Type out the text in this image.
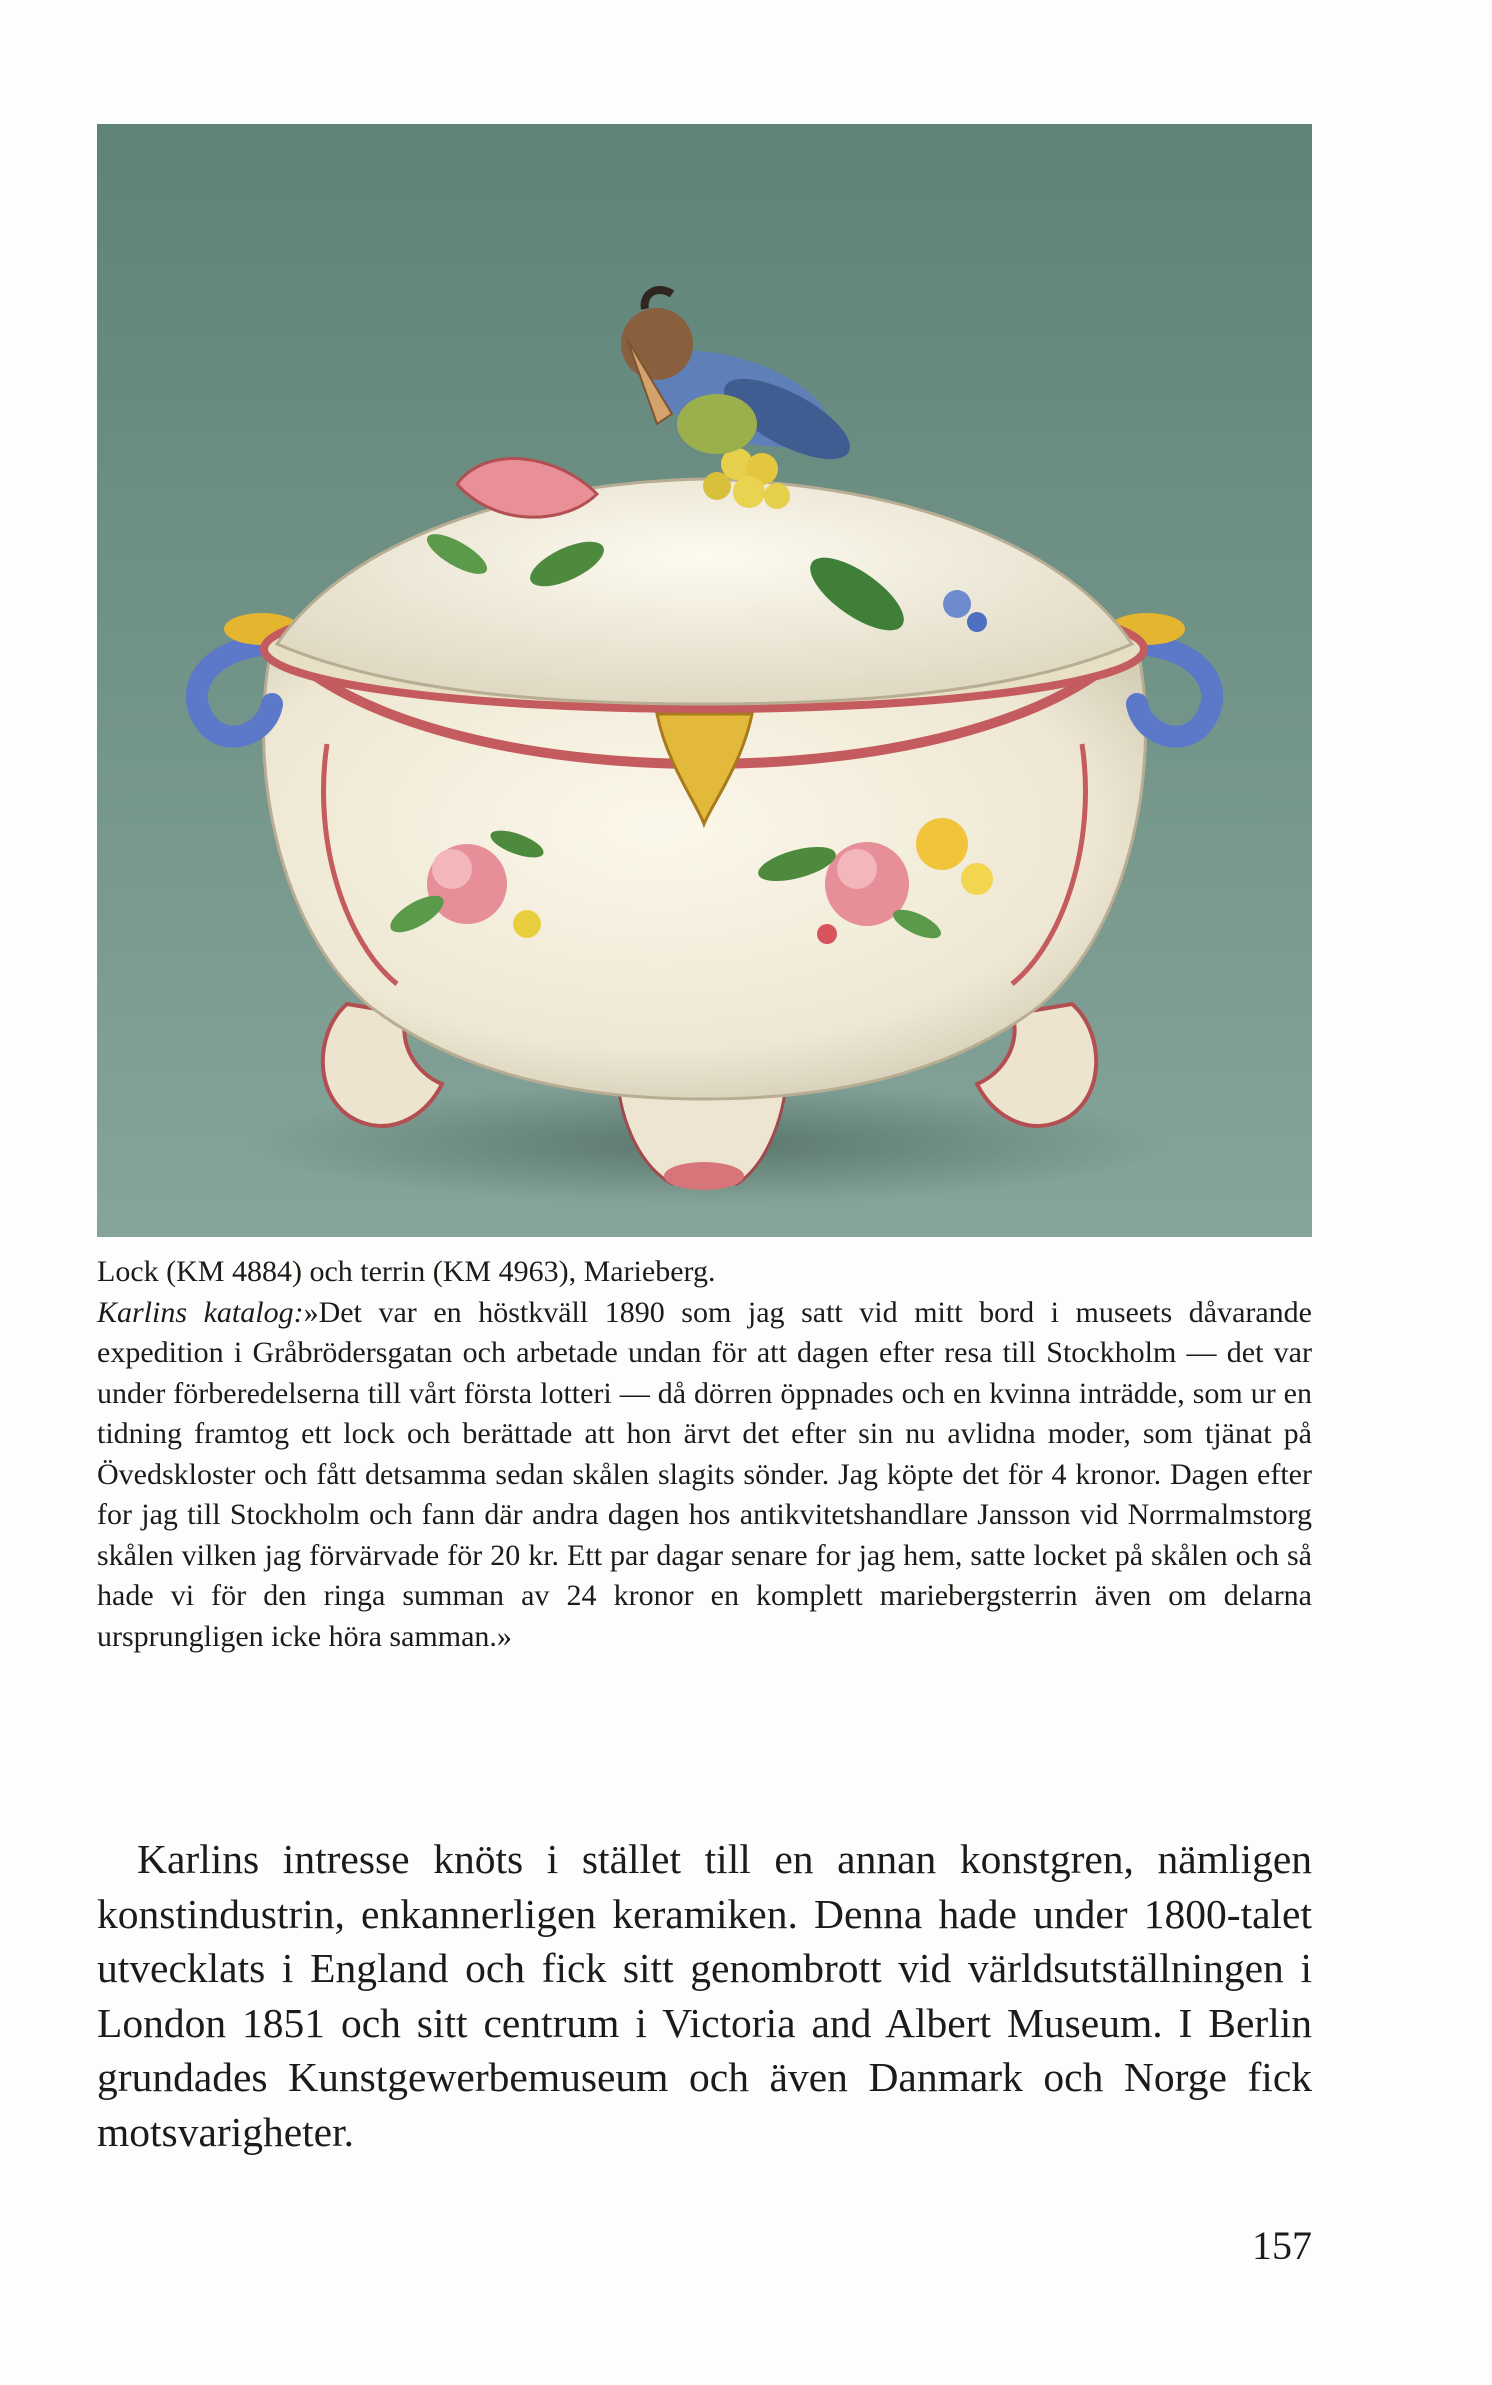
Lock (KM 4884) och terrin (KM 4963), Marieberg.
Karlins katalog:»Det var en höstkväll 1890 som jag satt vid mitt bord i museets dåvarande expedition i Gråbrödersgatan och arbetade undan för att dagen efter resa till Stockholm — det var under förberedelserna till vårt första lotteri — då dörren öppnades och en kvinna inträdde, som ur en tidning framtog ett lock och berättade att hon ärvt det efter sin nu avlidna moder, som tjänat på Övedskloster och fått detsamma sedan skålen slagits sönder. Jag köpte det för 4 kronor. Dagen efter for jag till Stockholm och fann där andra dagen hos antikvitetshandlare Jansson vid Norrmalmstorg skålen vilken jag förvärvade för 20 kr. Ett par dagar senare for jag hem, satte locket på skålen och så hade vi för den ringa summan av 24 kronor en komplett mariebergsterrin även om delarna ursprungligen icke höra samman.»

Karlins intresse knöts i stället till en annan konstgren, nämligen konstindustrin, enkannerligen keramiken. Denna hade under 1800-talet utvecklats i England och fick sitt genombrott vid världsutställningen i London 1851 och sitt centrum i Victoria and Albert Museum. I Berlin grundades Kunstgewerbemuseum och även Danmark och Norge fick motsvarigheter.

157
